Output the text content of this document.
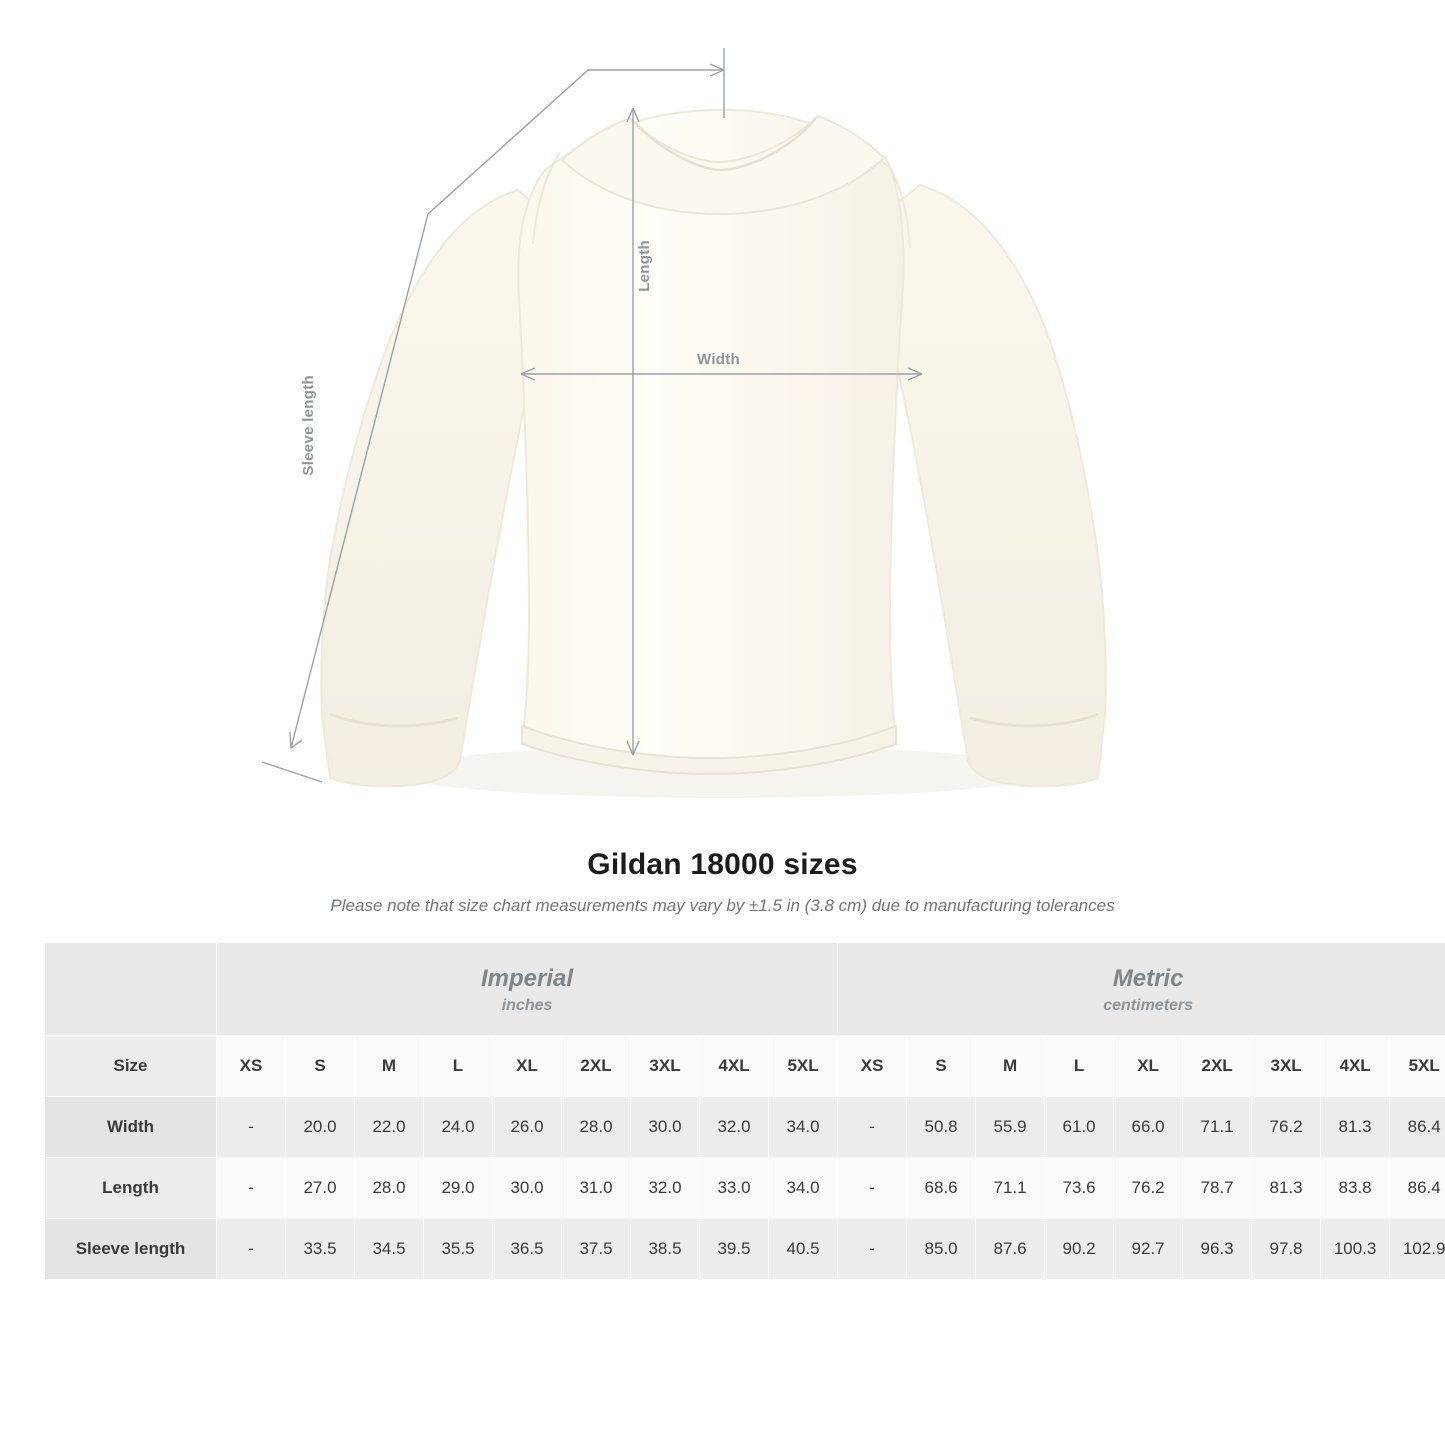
Length
Width
Sleeve length
Gildan 18000 sizes

Please note that size chart measurements may vary by ±1.5 in (3.8 cm) due to manufacturing tolerances

	Imperial
inches									Metric
centimeters								

Size	XS	S	M	L	XL	2XL	3XL	4XL	5XL	XS	S	M	L	XL	2XL	3XL	4XL	5XL
Width	-	20.0	22.0	24.0	26.0	28.0	30.0	32.0	34.0	-	50.8	55.9	61.0	66.0	71.1	76.2	81.3	86.4
Length	-	27.0	28.0	29.0	30.0	31.0	32.0	33.0	34.0	-	68.6	71.1	73.6	76.2	78.7	81.3	83.8	86.4
Sleeve length	-	33.5	34.5	35.5	36.5	37.5	38.5	39.5	40.5	-	85.0	87.6	90.2	92.7	96.3	97.8	100.3	102.9
